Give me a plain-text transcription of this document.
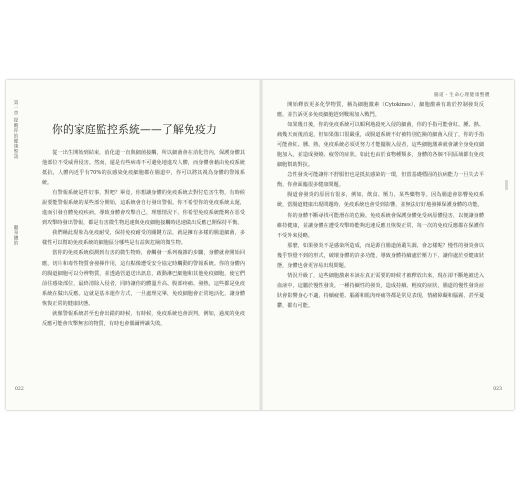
第一章 提醒你的健康警訊 聽身體的
你的家庭監控系統——了解免疫力

從一出生開始到結束，消化道一直與細菌接觸，所以細菌會在消化管內，保護身體其他部位不受威脅侵害。然而，還是有些病毒不可避免地進攻人體，而身體會藉由免疫系統抵抗，人體內近乎有70%的抗感染免疫細胞都在腸道中，你可以將其視為身體的警報系統。

有警報系統是件好事，對吧？畢竟，你想讓身體的免疫系統去對付危害生物，有時候說要能警報系統的某些部分開始，這系統會自行發出警報。你不希望你的免疫系統太遲，進而引發自體免疫疾病，導致身體會攻擊自己，理想情況下，你希望免疫系統能夠在惡受到攻擊時發出警報，都是有害微生物迅速與免疫細胞接觸時迅速做出反應已開保持平衡。

我們稱此現象為免疫耐受，保持免疫耐受的關鍵方法，就是擁有多樣的腸道細菌，多樣性可以幫助免疫系統的細胞區分哪些是有益與危險的微生物。

當你的免疫系統偵測到有害的微生物時，會觸發一系列複雜的步驟，身體就會開始回應，切片和毒性物質會發揮作用，這有點像遭受安全協定時觸動的警報系統。你的身體內的腸道細胞可以分辨物質，並透過管道送出訊息，啟動淋巴細胞和其他免疫細胞，使它們前往感染部位，最終清除入侵者，同時讓你的體溫升高、腹部疼痛、發熱，這些都是免疫系統在做出反應。這就是基本運作方式，一旦處理完畢，免疫細胞會正常地活化，讓身體恢復正常的健康狀態。

就像警報系統甚至也會出錯的時候，有時候，免疫系統也會誤判，例如，過度的免疫反應可能會攻擊無害的物質，有時也會偶爾辨識失敗。

022
腸道・生命心理健康整體

開始釋放更多化學物質，稱為細胞激素（Cytokines），細胞激素有助於控制發炎反應，並告訴更多免疫細胞趕到戰場加入戰鬥。

如果幾日後，你的免疫系統可以順利地殺死入侵的細菌，你的手指可能會紅、腫、熱、痛幾天而後消退，但如果傷口很嚴重，或腸道系統不好被特別危險的細菌入侵了，你的手指可能會紅、腫、熱，免疫系統必須更努力才能擺脫入侵者，這些細胞激素就會讓全身免疫細胞加入，並造成發燒、疲勞的症狀。如此也由於食物種類多，身體的各個不同區域都有免疫細胞幫助對抗。

急性發炎可能讓你不舒服但也是抵抗感染的一環，但當基礎穩固的抗病能力一旦失去平衡，你會面臨很多健康問題。

腸道會發炎的原因有很多，例如，飲食、壓力、某些藥物等。因為腸道會影響免疫系統，當腸道健康出現問題時，免疫系統也會受到影響，並無法好好地發揮保護身體的功能。

你的身體不斷尋找可能潛在的危險。免疫系統會保護身體免受病原體侵害，以便讓身體維持健康，並讓身體在遭受攻擊時能夠迅速反應且恢復正常，每一次的免疫反應都在保護你不受外來侵略。

那麼，如果發炎不是感染所造成，而是源自腸道菌叢失調，會怎樣呢？慢性的發炎會以幾乎察覺不到的形式，破壞身體的許多功能，導致身體持續處於壓力下，讓你處於亞健康狀態，身體也會更容易出現問題。

情況升級了，這些細胞激素本該在真正需要的時候才被釋放出來，現在卻不斷地被送入血液中，這屬於慢性發炎。一種持續性的發炎，造成持續、輕度的症狀，腸道的慢性發炎症狀會影響身心不適，持續疲倦、腦霧和肌肉疼痛等都是常見表現，情緒障礙和腦霧，甚至憂鬱，都有可能。

023
